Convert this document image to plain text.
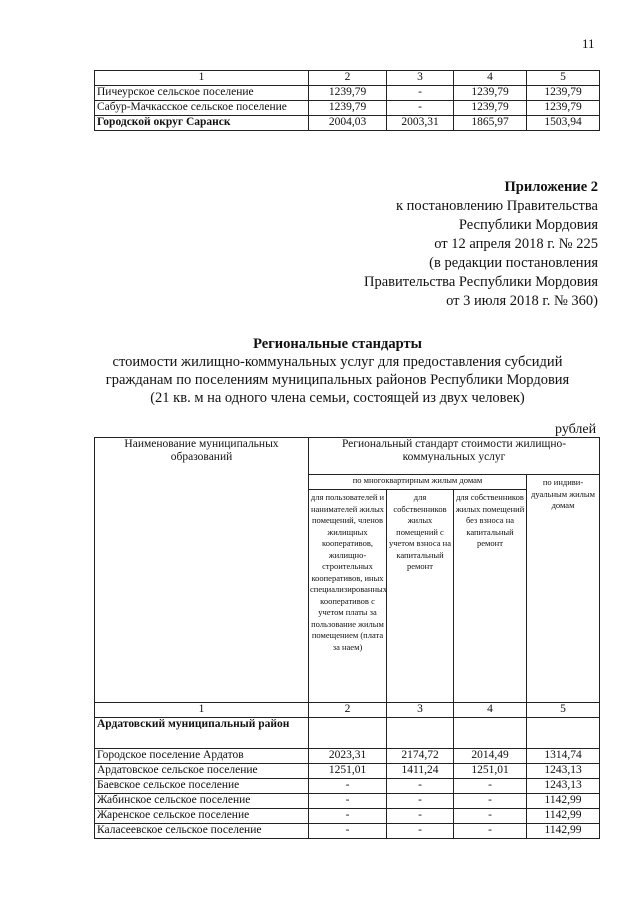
11
1	2	3	4	5
Пичеурское сельское поселение	1239,79	-	1239,79	1239,79
Сабур-Мачкасское сельское поселение	1239,79	-	1239,79	1239,79
Городской округ Саранск	2004,03	2003,31	1865,97	1503,94
Приложение 2
к постановлению Правительства
Республики Мордовия
от 12 апреля 2018 г. № 225
(в редакции постановления
Правительства Республики Мордовия
от 3 июля 2018 г. № 360)
Региональные стандарты
стоимости жилищно-коммунальных услуг для предоставления субсидий
гражданам по поселениям муниципальных районов Республики Мордовия
(21 кв. м на одного члена семьи, состоящей из двух человек)
рублей
Наименование муниципальных образований	Региональный стандарт стоимости жилищно-коммунальных услуг			
	по многоквартирным жилым домам			по индиви-дуальным жилым домам
	для пользователей и нанимателей жилых помещений, членов жилищных кооперативов, жилищно-строительных кооперативов, иных специализированных кооперативов с учетом платы за пользование жилым помещением (плата за наем)	для собственников жилых помещений с учетом взноса на капитальный ремонт	для собственников жилых помещений без взноса на капитальный ремонт	
1	2	3	4	5
Ардатовский муниципальный район				
Городское поселение Ардатов	2023,31	2174,72	2014,49	1314,74
Ардатовское сельское поселение	1251,01	1411,24	1251,01	1243,13
Баевское сельское поселение	-	-	-	1243,13
Жабинское сельское поселение	-	-	-	1142,99
Жаренское сельское поселение	-	-	-	1142,99
Каласеевское сельское поселение	-	-	-	1142,99
